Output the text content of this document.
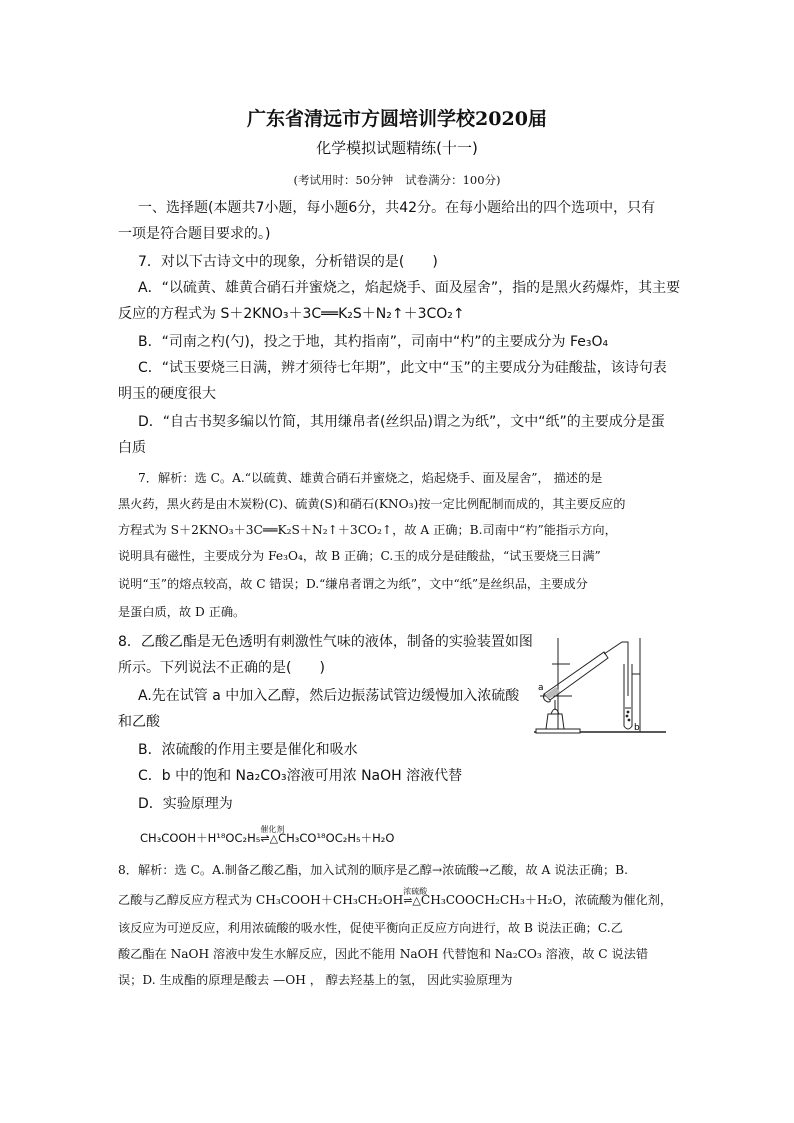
广东省清远市方圆培训学校2020届
化学模拟试题精练(十一)
(考试用时：50分钟 试卷满分：100分)
一、选择题(本题共7小题，每小题6分，共42分。在每小题给出的四个选项中，只有
一项是符合题目要求的。)
7．对以下古诗文中的现象，分析错误的是(　　)
A．“以硫黄、雄黄合硝石并蜜烧之，焰起烧手、面及屋舍”，指的是黑火药爆炸，其主要
反应的方程式为 S＋2KNO₃＋3C══K₂S＋N₂↑＋3CO₂↑
B．“司南之杓(勺)，投之于地，其杓指南”，司南中“杓”的主要成分为 Fe₃O₄
C．“试玉要烧三日满，辨才须待七年期”，此文中“玉”的主要成分为硅酸盐，该诗句表
明玉的硬度很大
D．“自古书契多编以竹简，其用缣帛者(丝织品)谓之为纸”，文中“纸”的主要成分是蛋
白质
7．解析：选 C。A.“以硫黄、雄黄合硝石并蜜烧之，焰起烧手、面及屋舍”， 描述的是
黑火药，黑火药是由木炭粉(C)、硫黄(S)和硝石(KNO₃)按一定比例配制而成的，其主要反应的
方程式为 S＋2KNO₃＋3C══K₂S＋N₂↑＋3CO₂↑，故 A 正确；B.司南中“杓”能指示方向，
说明具有磁性，主要成分为 Fe₃O₄，故 B 正确；C.玉的成分是硅酸盐，“试玉要烧三日满”
说明“玉”的熔点较高，故 C 错误；D.“缣帛者谓之为纸”，文中“纸”是丝织品，主要成分
是蛋白质，故 D 正确。
8．乙酸乙酯是无色透明有刺激性气味的液体，制备的实验装置如图
所示。下列说法不正确的是(　　)
A.先在试管 a 中加入乙醇，然后边振荡试管边缓慢加入浓硫酸
和乙酸
B．浓硫酸的作用主要是催化和吸水
C．b 中的饱和 Na₂CO₃溶液可用浓 NaOH 溶液代替
D．实验原理为
CH₃COOH＋H¹⁸OC₂H₅
催化剂
⇌△CH₃CO¹⁸OC₂H₅＋H₂O
a
b
8．解析：选 C。A.制备乙酸乙酯，加入试剂的顺序是乙醇→浓硫酸→乙酸，故 A 说法正确；B.
乙酸与乙醇反应方程式为 CH₃COOH＋CH₃CH₂OH
浓硫酸
⇌△CH₃COOCH₂CH₃＋H₂O，浓硫酸为催化剂，
该反应为可逆反应，利用浓硫酸的吸水性，促使平衡向正反应方向进行，故 B 说法正确；C.乙
酸乙酯在 NaOH 溶液中发生水解反应，因此不能用 NaOH 代替饱和 Na₂CO₃ 溶液，故 C 说法错
误；D. 生成酯的原理是酸去 —OH ， 醇去羟基上的氢， 因此实验原理为
